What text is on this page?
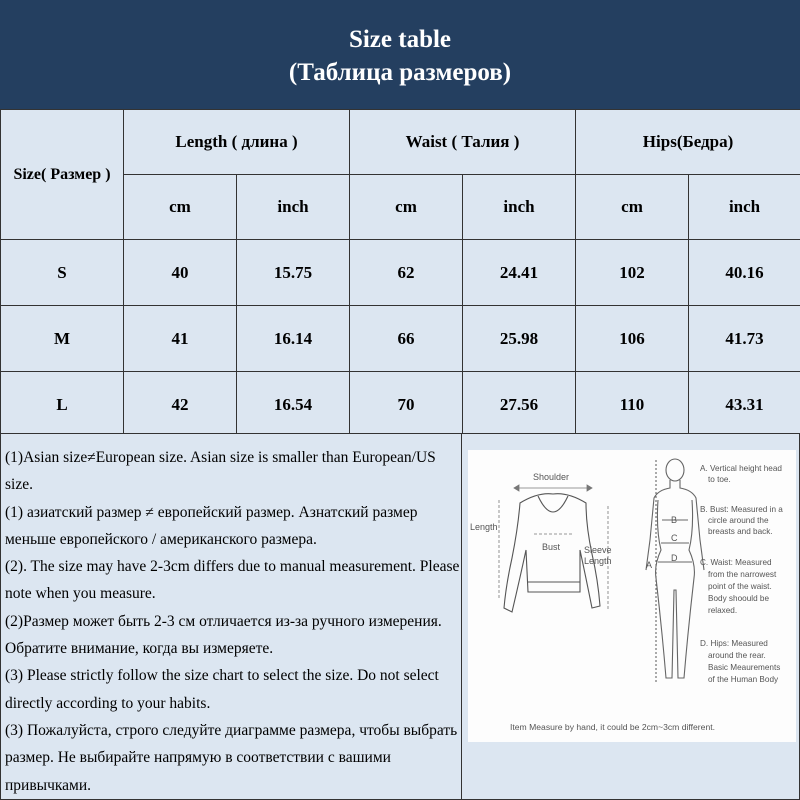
Size table
(Таблица размеров)
Size( Размер )	Length ( длина )		Waist ( Талия )		Hips(Бедра)	
	cm	inch	cm	inch	cm	inch
S	40	15.75	62	24.41	102	40.16
M	41	16.14	66	25.98	106	41.73
L	42	16.54	70	27.56	110	43.31

(1)Asian size≠European size. Asian size is smaller than European/US size.

(1) азиатский размер ≠ европейский размер. Азнатский размер меньше европейского / американского размера.

(2). The size may have 2-3cm differs due to manual measurement. Please note when you measure.

(2)Размер может быть 2-3 см отличается из-за ручного измерения. Обратите внимание, когда вы измеряете.

(3) Please strictly follow the size chart to select the size. Do not select directly according to your habits.

(3) Пожалуйста, строго следуйте диаграмме размера, чтобы выбрать размер. Не выбирайте напрямую в соответствии с вашими привычками.

Shoulder
Length
Bust	Sleeve
Length	A
B
C
D
A. Vertical height head to toe.
B. Bust: Measured in a circle around the breasts and back.
C. Waist: Measured from the narrowest point of the waist. Body shoould be relaxed.
D. Hips: Measured around the rear. Basic Meaurements of the Human Body
Item Measure by hand, it could be 2cm~3cm different.
